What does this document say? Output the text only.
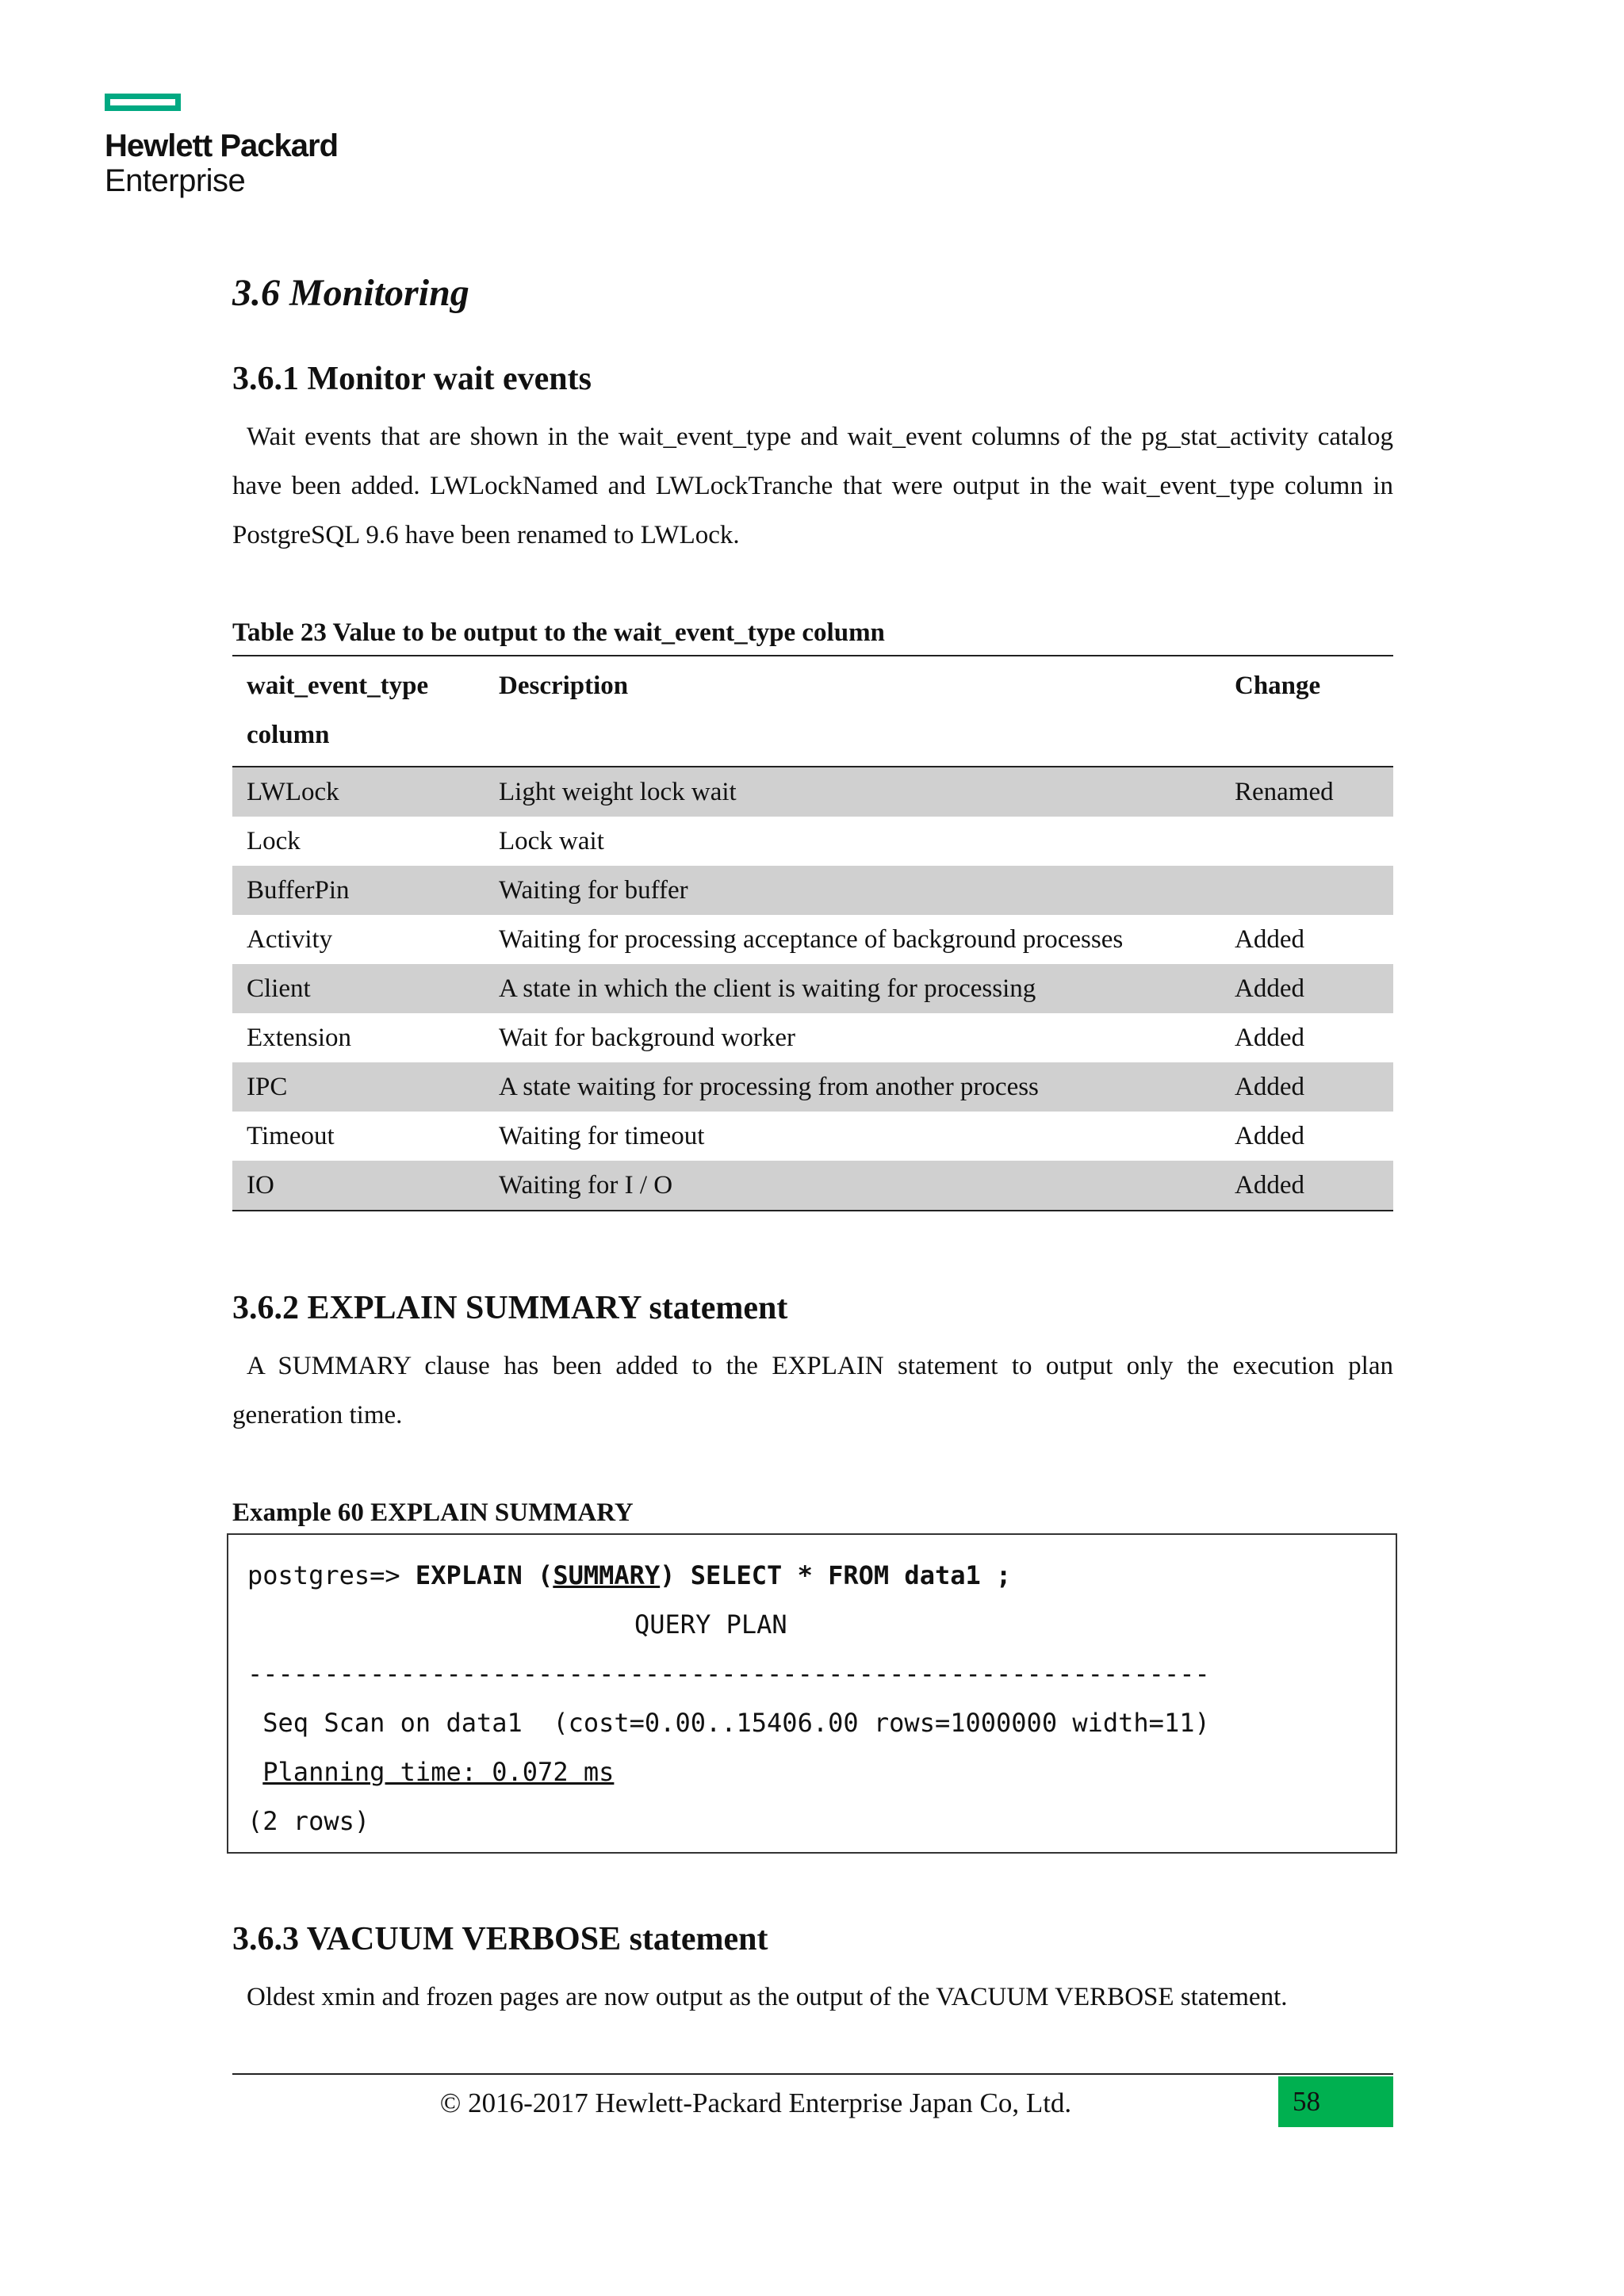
Hewlett Packard
Enterprise
3.6 Monitoring
3.6.1 Monitor wait events

Wait events that are shown in the wait_event_type and wait_event columns of the pg_stat_activity catalog have been added. LWLockNamed and LWLockTranche that were output in the wait_event_type column in PostgreSQL 9.6 have been renamed to LWLock.

Table 23 Value to be output to the wait_event_type column
wait_event_type column	Description	Change
LWLock	Light weight lock wait	Renamed
Lock	Lock wait	
BufferPin	Waiting for buffer	
Activity	Waiting for processing acceptance of background processes	Added
Client	A state in which the client is waiting for processing	Added
Extension	Wait for background worker	Added
IPC	A state waiting for processing from another process	Added
Timeout	Waiting for timeout	Added
IO	Waiting for I / O	Added
3.6.2 EXPLAIN SUMMARY statement

A SUMMARY clause has been added to the EXPLAIN statement to output only the execution plan generation time.

Example 60 EXPLAIN SUMMARY
postgres=> EXPLAIN (SUMMARY) SELECT * FROM data1 ;
QUERY PLAN
---------------------------------------------------------------
Seq Scan on data1  (cost=0.00..15406.00 rows=1000000 width=11)
Planning time: 0.072 ms
(2 rows)
3.6.3 VACUUM VERBOSE statement

Oldest xmin and frozen pages are now output as the output of the VACUUM VERBOSE statement.

© 2016-2017 Hewlett-Packard Enterprise Japan Co, Ltd.	58
